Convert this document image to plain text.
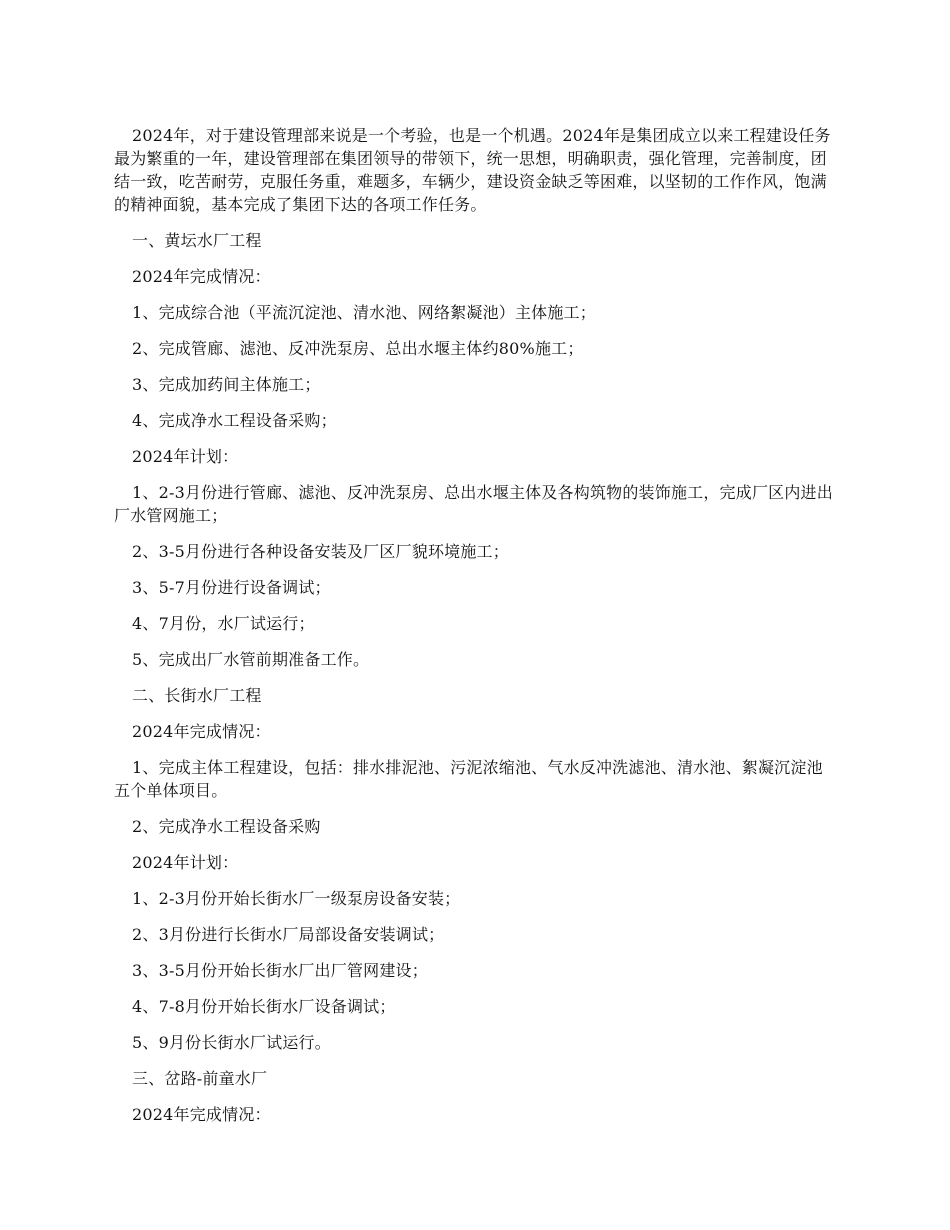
2024年，对于建设管理部来说是一个考验，也是一个机遇。2024年是集团成立以来工程建设任务最为繁重的一年，建设管理部在集团领导的带领下，统一思想，明确职责，强化管理，完善制度，团结一致，吃苦耐劳，克服任务重，难题多，车辆少，建设资金缺乏等困难，以坚韧的工作作风，饱满的精神面貌，基本完成了集团下达的各项工作任务。

一、黄坛水厂工程

2024年完成情况：

1、完成综合池（平流沉淀池、清水池、网络絮凝池）主体施工；

2、完成管廊、滤池、反冲洗泵房、总出水堰主体约80%施工；

3、完成加药间主体施工；

4、完成净水工程设备采购；

2024年计划：

1、2-3月份进行管廊、滤池、反冲洗泵房、总出水堰主体及各构筑物的装饰施工，完成厂区内进出厂水管网施工；

2、3-5月份进行各种设备安装及厂区厂貌环境施工；

3、5-7月份进行设备调试；

4、7月份，水厂试运行；

5、完成出厂水管前期准备工作。

二、长街水厂工程

2024年完成情况：

1、完成主体工程建设，包括：排水排泥池、污泥浓缩池、气水反冲洗滤池、清水池、絮凝沉淀池五个单体项目。

2、完成净水工程设备采购

2024年计划：

1、2-3月份开始长街水厂一级泵房设备安装；

2、3月份进行长街水厂局部设备安装调试；

3、3-5月份开始长街水厂出厂管网建设；

4、7-8月份开始长街水厂设备调试；

5、9月份长街水厂试运行。

三、岔路-前童水厂

2024年完成情况：
